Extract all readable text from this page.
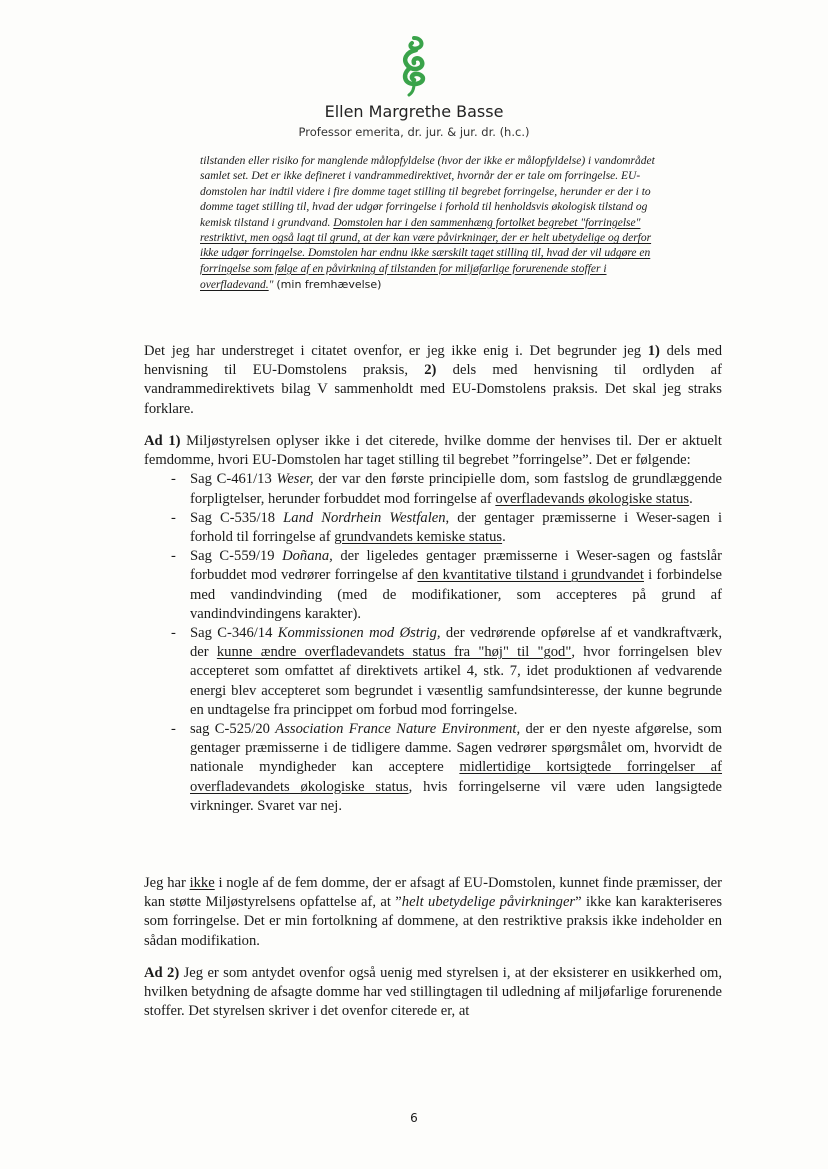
Ellen Margrethe Basse
Professor emerita, dr. jur. & jur. dr. (h.c.)
tilstanden eller risiko for manglende målopfyldelse (hvor der ikke er målopfyldelse) i vandområdet samlet set. Det er ikke defineret i vandrammedirektivet, hvornår der er tale om forringelse. EU-domstolen har indtil videre i fire domme taget stilling til begrebet forringelse, herunder er der i to domme taget stilling til, hvad der udgør forringelse i forhold til henholdsvis økologisk tilstand og kemisk tilstand i grundvand. Domstolen har i den sammenhæng fortolket begrebet "forringelse" restriktivt, men også lagt til grund, at der kan være påvirkninger, der er helt ubetydelige og derfor ikke udgør forringelse. Domstolen har endnu ikke særskilt taget stilling til, hvad der vil udgøre en forringelse som følge af en påvirkning af tilstanden for miljøfarlige forurenende stoffer i overfladevand." (min fremhævelse)
Det jeg har understreget i citatet ovenfor, er jeg ikke enig i. Det begrunder jeg 1) dels med henvisning til EU-Domstolens praksis, 2) dels med henvisning til ordlyden af vandrammedirektivets bilag V sammenholdt med EU-Domstolens praksis. Det skal jeg straks forklare.
Ad 1) Miljøstyrelsen oplyser ikke i det citerede, hvilke domme der henvises til. Der er aktuelt femdomme, hvori EU-Domstolen har taget stilling til begrebet ”forringelse”. Det er følgende:
- Sag C-461/13 Weser, der var den første principielle dom, som fastslog de grundlæggende forpligtelser, herunder forbuddet mod forringelse af overfladevands økologiske status.
- Sag C-535/18 Land Nordrhein Westfalen, der gentager præmisserne i Weser-sagen i forhold til forringelse af grundvandets kemiske status.
- Sag C-559/19 Doñana, der ligeledes gentager præmisserne i Weser-sagen og fastslår forbuddet mod vedrører forringelse af den kvantitative tilstand i grundvandet i forbindelse med vandindvinding (med de modifikationer, som accepteres på grund af vandindvindingens karakter).
- Sag C-346/14 Kommissionen mod Østrig, der vedrørende opførelse af et vandkraftværk, der kunne ændre overfladevandets status fra "høj" til "god", hvor forringelsen blev accepteret som omfattet af direktivets artikel 4, stk. 7, idet produktionen af vedvarende energi blev accepteret som begrundet i væsentlig samfundsinteresse, der kunne begrunde en undtagelse fra princippet om forbud mod forringelse.
- sag C-525/20 Association France Nature Environment, der er den nyeste afgørelse, som gentager præmisserne i de tidligere damme. Sagen vedrører spørgsmålet om, hvorvidt de nationale myndigheder kan acceptere midlertidige kortsigtede forringelser af overfladevandets økologiske status, hvis forringelserne vil være uden langsigtede virkninger. Svaret var nej.
Jeg har ikke i nogle af de fem domme, der er afsagt af EU-Domstolen, kunnet finde præmisser, der kan støtte Miljøstyrelsens opfattelse af, at ”helt ubetydelige påvirkninger” ikke kan karakteriseres som forringelse. Det er min fortolkning af dommene, at den restriktive praksis ikke indeholder en sådan modifikation.
Ad 2) Jeg er som antydet ovenfor også uenig med styrelsen i, at der eksisterer en usikkerhed om, hvilken betydning de afsagte domme har ved stillingtagen til udledning af miljøfarlige forurenende stoffer. Det styrelsen skriver i det ovenfor citerede er, at
6
